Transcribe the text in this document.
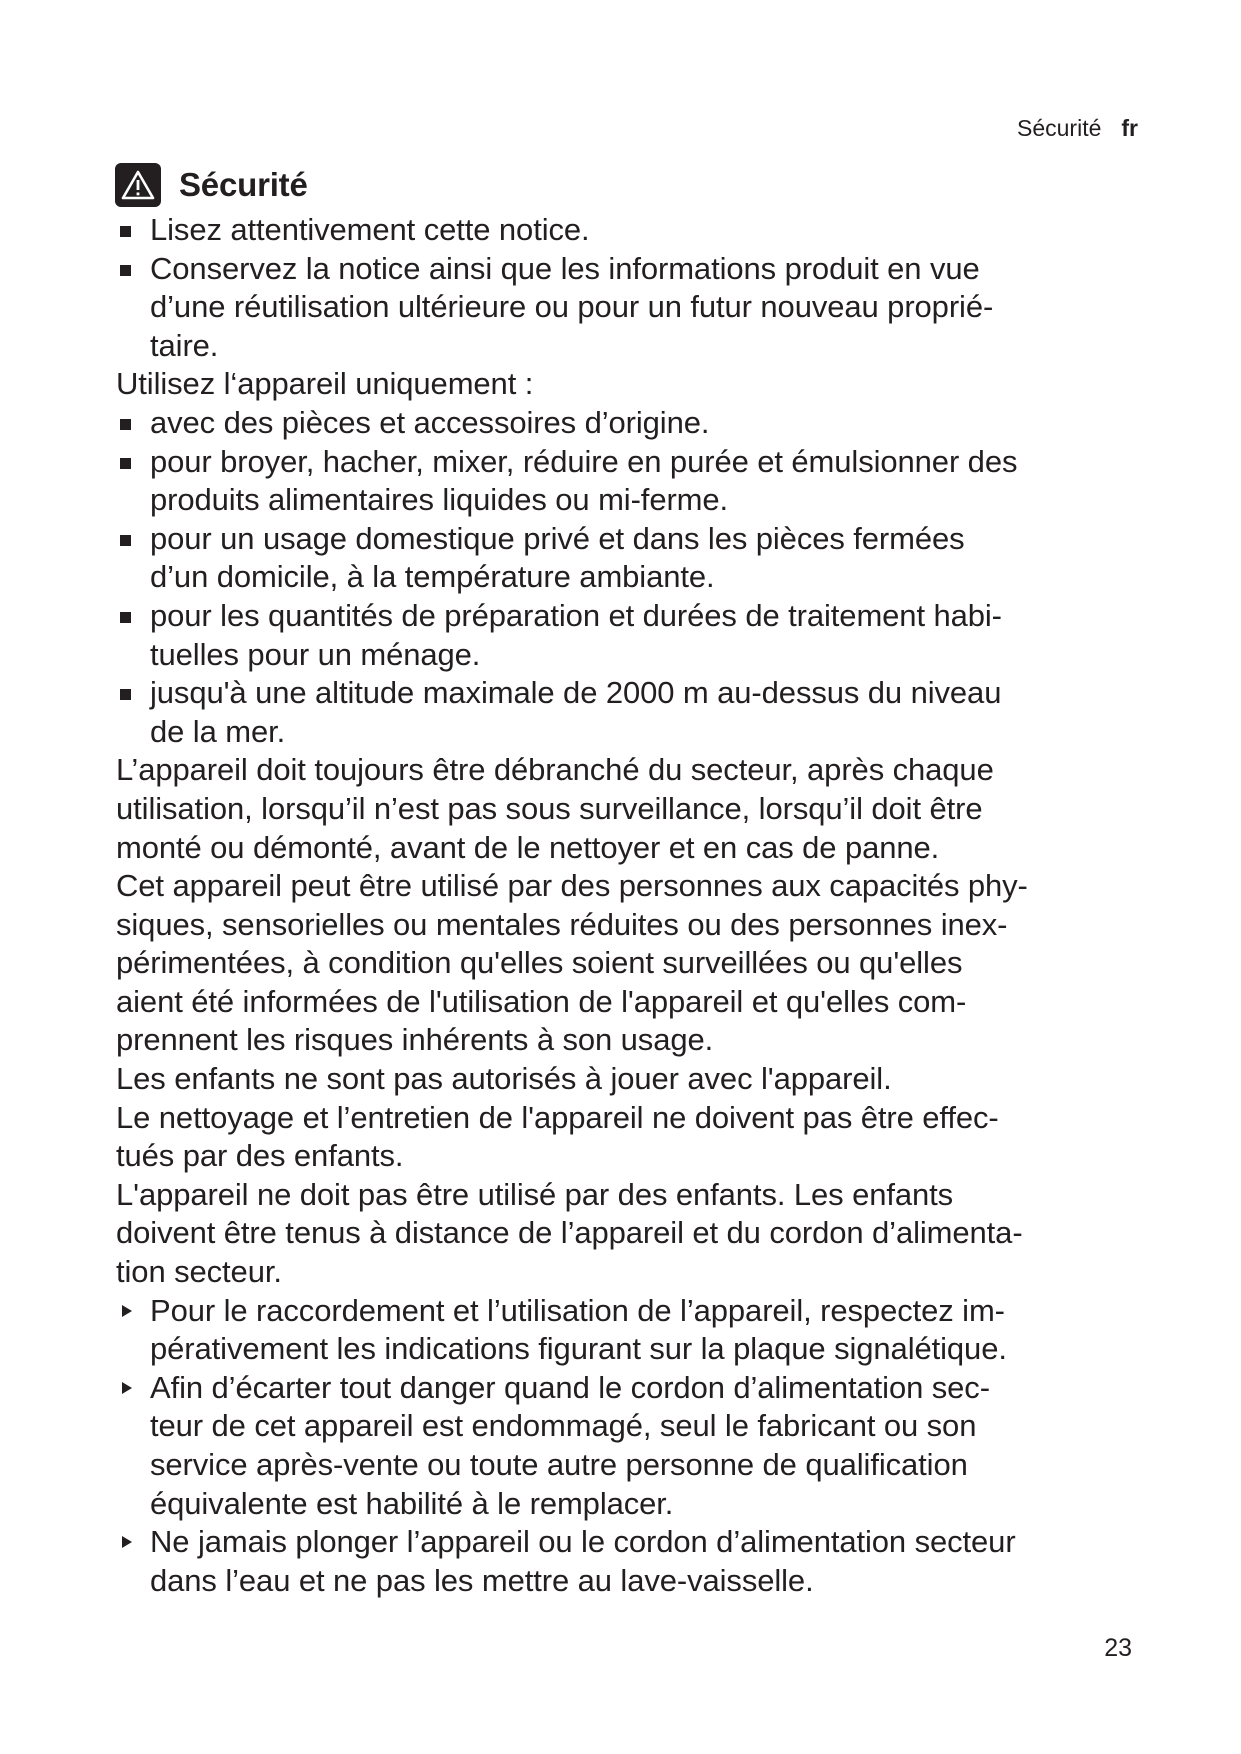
Sécurité fr
Sécurité

Lisez attentivement cette notice.

Conservez la notice ainsi que les informations produit en vue
d’une réutilisation ultérieure ou pour un futur nouveau proprié-
taire.

Utilisez l‘appareil uniquement :

avec des pièces et accessoires d’origine.

pour broyer, hacher, mixer, réduire en purée et émulsionner des
produits alimentaires liquides ou mi-ferme.

pour un usage domestique privé et dans les pièces fermées
d’un domicile, à la température ambiante.

pour les quantités de préparation et durées de traitement habi-
tuelles pour un ménage.

jusqu'à une altitude maximale de 2000 m au-dessus du niveau
de la mer.

L’appareil doit toujours être débranché du secteur, après chaque
utilisation, lorsqu’il n’est pas sous surveillance, lorsqu’il doit être
monté ou démonté, avant de le nettoyer et en cas de panne.

Cet appareil peut être utilisé par des personnes aux capacités phy-
siques, sensorielles ou mentales réduites ou des personnes inex-
périmentées, à condition qu'elles soient surveillées ou qu'elles
aient été informées de l'utilisation de l'appareil et qu'elles com-
prennent les risques inhérents à son usage.

Les enfants ne sont pas autorisés à jouer avec l'appareil.

Le nettoyage et l’entretien de l'appareil ne doivent pas être effec-
tués par des enfants.

L'appareil ne doit pas être utilisé par des enfants. Les enfants
doivent être tenus à distance de l’appareil et du cordon d’alimenta-
tion secteur.

Pour le raccordement et l’utilisation de l’appareil, respectez im-
pérativement les indications figurant sur la plaque signalétique.

Afin d’écarter tout danger quand le cordon d’alimentation sec-
teur de cet appareil est endommagé, seul le fabricant ou son
service après-vente ou toute autre personne de qualification
équivalente est habilité à le remplacer.

Ne jamais plonger l’appareil ou le cordon d’alimentation secteur
dans l’eau et ne pas les mettre au lave-vaisselle.

23
